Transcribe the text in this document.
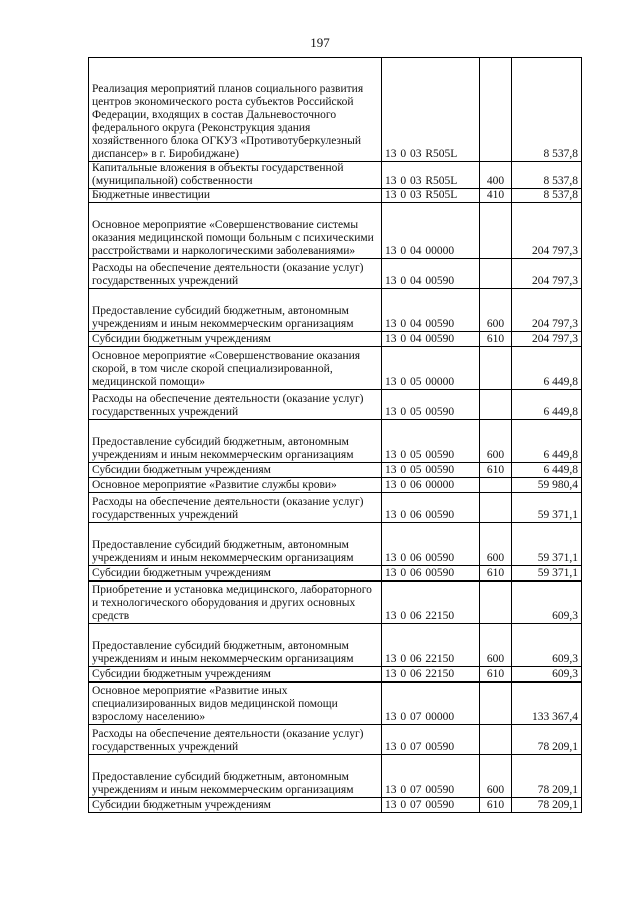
197
Реализация мероприятий планов социального развития центров экономического роста субъектов Российской Федерации, входящих в состав Дальневосточного федерального округа (Реконструкция здания хозяйственного блока ОГКУЗ «Противотуберкулезный диспансер» в г. Биробиджане)	13 0 03 R505L		8 537,8
Капитальные вложения в объекты государственной (муниципальной) собственности	13 0 03 R505L	400	8 537,8
Бюджетные инвестиции	13 0 03 R505L	410	8 537,8
Основное мероприятие «Совершенствование системы оказания медицинской помощи больным с психическими расстройствами и наркологическими заболеваниями»	13 0 04 00000		204 797,3
Расходы на обеспечение деятельности (оказание услуг) государственных учреждений	13 0 04 00590		204 797,3
Предоставление субсидий бюджетным, автономным учреждениям и иным некоммерческим организациям	13 0 04 00590	600	204 797,3
Субсидии бюджетным учреждениям	13 0 04 00590	610	204 797,3
Основное мероприятие «Совершенствование оказания скорой, в том числе скорой специализированной, медицинской помощи»	13 0 05 00000		6 449,8
Расходы на обеспечение деятельности (оказание услуг) государственных учреждений	13 0 05 00590		6 449,8
Предоставление субсидий бюджетным, автономным учреждениям и иным некоммерческим организациям	13 0 05 00590	600	6 449,8
Субсидии бюджетным учреждениям	13 0 05 00590	610	6 449,8
Основное мероприятие «Развитие службы крови»	13 0 06 00000		59 980,4
Расходы на обеспечение деятельности (оказание услуг) государственных учреждений	13 0 06 00590		59 371,1
Предоставление субсидий бюджетным, автономным учреждениям и иным некоммерческим организациям	13 0 06 00590	600	59 371,1
Субсидии бюджетным учреждениям	13 0 06 00590	610	59 371,1
Приобретение и установка медицинского, лабораторного и технологического оборудования и других основных средств	13 0 06 22150		609,3
Предоставление субсидий бюджетным, автономным учреждениям и иным некоммерческим организациям	13 0 06 22150	600	609,3
Субсидии бюджетным учреждениям	13 0 06 22150	610	609,3
Основное мероприятие «Развитие иных специализированных видов медицинской помощи взрослому населению»	13 0 07 00000		133 367,4
Расходы на обеспечение деятельности (оказание услуг) государственных учреждений	13 0 07 00590		78 209,1
Предоставление субсидий бюджетным, автономным учреждениям и иным некоммерческим организациям	13 0 07 00590	600	78 209,1
Субсидии бюджетным учреждениям	13 0 07 00590	610	78 209,1
